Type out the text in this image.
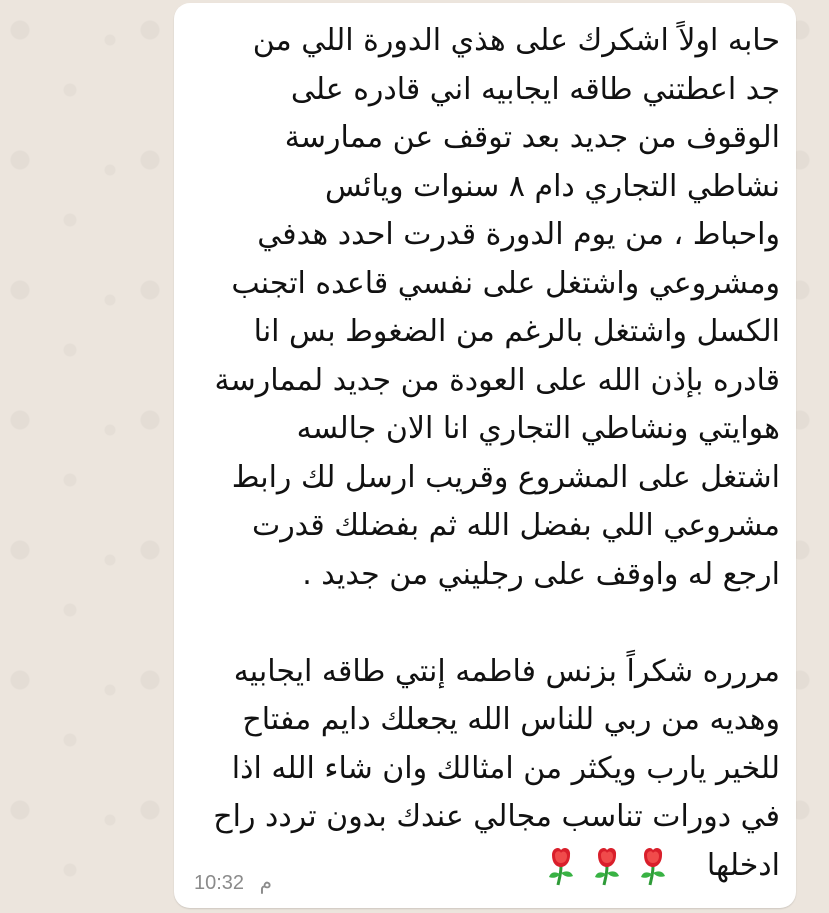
حابه اولاً اشكرك على هذي الدورة اللي من
جد اعطتني طاقه ايجابيه اني قادره على
الوقوف من جديد بعد توقف عن ممارسة
نشاطي التجاري دام ٨ سنوات ويائس
واحباط ، من يوم الدورة قدرت احدد هدفي
ومشروعي واشتغل على نفسي قاعده اتجنب
الكسل واشتغل بالرغم من الضغوط بس انا
قادره بإذن الله على العودة من جديد لممارسة
هوايتي ونشاطي التجاري انا الان جالسه
اشتغل على المشروع وقريب ارسل لك رابط
مشروعي اللي بفضل الله ثم بفضلك قدرت
ارجع له واوقف على رجليني من جديد .
مررره شكراً بزنس فاطمه إنتي طاقه ايجابيه
وهديه من ربي للناس الله يجعلك دايم مفتاح
للخير يارب ويكثر من امثالك وان شاء الله اذا
في دورات تناسب مجالي عندك بدون تردد راح
ادخلها
10:32 م
